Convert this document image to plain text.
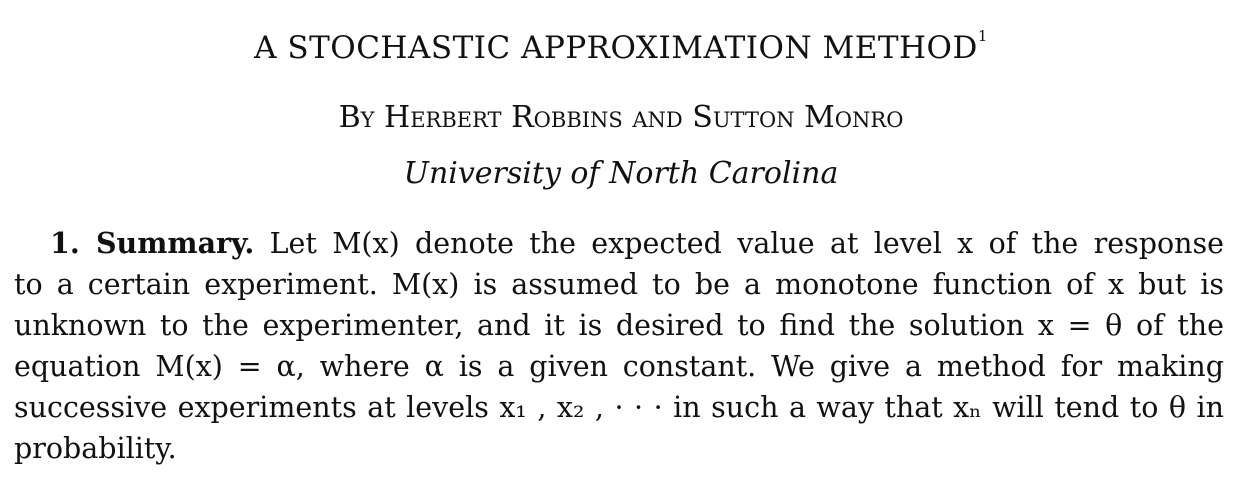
A STOCHASTIC APPROXIMATION METHOD$^1$
By Herbert Robbins and Sutton Monro
University of North Carolina
1. Summary. Let M(x) denote the expected value at level x of the response
to a certain experiment. M(x) is assumed to be a monotone function of x but is
unknown to the experimenter, and it is desired to find the solution x = θ of the
equation M(x) = α, where α is a given constant. We give a method for making
successive experiments at levels x₁ , x₂ , · · · in such a way that xₙ will tend to θ in
probability.
